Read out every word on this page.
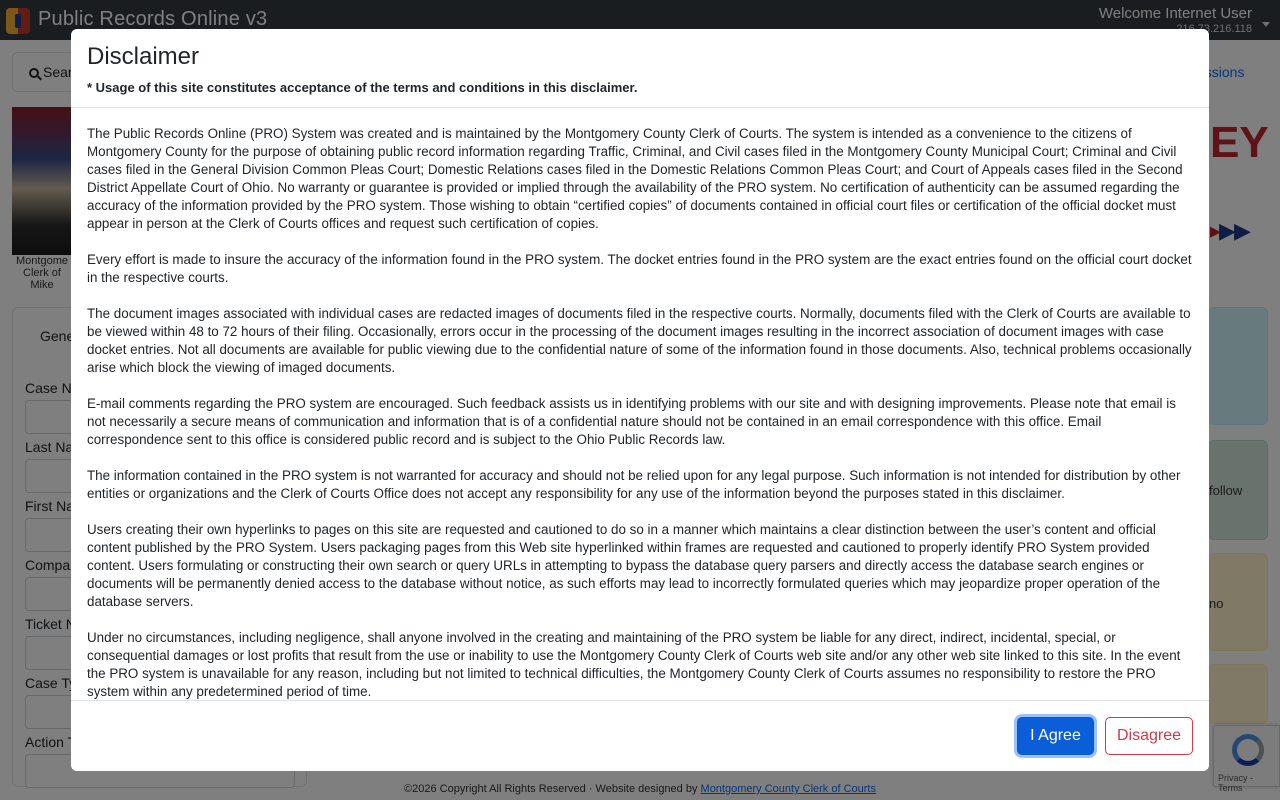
Disclaimer
* Usage of this site constitutes acceptance of the terms and conditions in this disclaimer.

The Public Records Online (PRO) System was created and is maintained by the Montgomery County Clerk of Courts. The system is intended as a convenience to the citizens of Montgomery County for the purpose of obtaining public record information regarding Traffic, Criminal, and Civil cases filed in the Montgomery County Municipal Court; Criminal and Civil cases filed in the General Division Common Pleas Court; Domestic Relations cases filed in the Domestic Relations Common Pleas Court; and Court of Appeals cases filed in the Second District Appellate Court of Ohio. No warranty or guarantee is provided or implied through the availability of the PRO system. No certification of authenticity can be assumed regarding the accuracy of the information provided by the PRO system. Those wishing to obtain “certified copies” of documents contained in official court files or certification of the official docket must appear in person at the Clerk of Courts offices and request such certification of copies.

Every effort is made to insure the accuracy of the information found in the PRO system. The docket entries found in the PRO system are the exact entries found on the official court docket in the respective courts.

The document images associated with individual cases are redacted images of documents filed in the respective courts. Normally, documents filed with the Clerk of Courts are available to be viewed within 48 to 72 hours of their filing. Occasionally, errors occur in the processing of the document images resulting in the incorrect association of document images with case docket entries. Not all documents are available for public viewing due to the confidential nature of some of the information found in those documents. Also, technical problems occasionally arise which block the viewing of imaged documents.

E-mail comments regarding the PRO system are encouraged. Such feedback assists us in identifying problems with our site and with designing improvements. Please note that email is not necessarily a secure means of communication and information that is of a confidential nature should not be contained in an email correspondence with this office. Email correspondence sent to this office is considered public record and is subject to the Ohio Public Records law.

The information contained in the PRO system is not warranted for accuracy and should not be relied upon for any legal purpose. Such information is not intended for distribution by other entities or organizations and the Clerk of Courts Office does not accept any responsibility for any use of the information beyond the purposes stated in this disclaimer.

Users creating their own hyperlinks to pages on this site are requested and cautioned to do so in a manner which maintains a clear distinction between the user’s content and official content published by the PRO System. Users packaging pages from this Web site hyperlinked within frames are requested and cautioned to properly identify PRO System provided content. Users formulating or constructing their own search or query URLs in attempting to bypass the database query parsers and directly access the database search engines or documents will be permanently denied access to the database without notice, as such efforts may lead to incorrectly formulated queries which may jeopardize proper operation of the database servers.

Under no circumstances, including negligence, shall anyone involved in the creating and maintaining of the PRO system be liable for any direct, indirect, incidental, special, or consequential damages or lost profits that result from the use or inability to use the Montgomery County Clerk of Courts web site and/or any other web site linked to this site. In the event the PRO system is unavailable for any reason, including but not limited to technical difficulties, the Montgomery County Clerk of Courts assumes no responsibility to restore the PRO system within any predetermined period of time.

I Agree	Disagree
